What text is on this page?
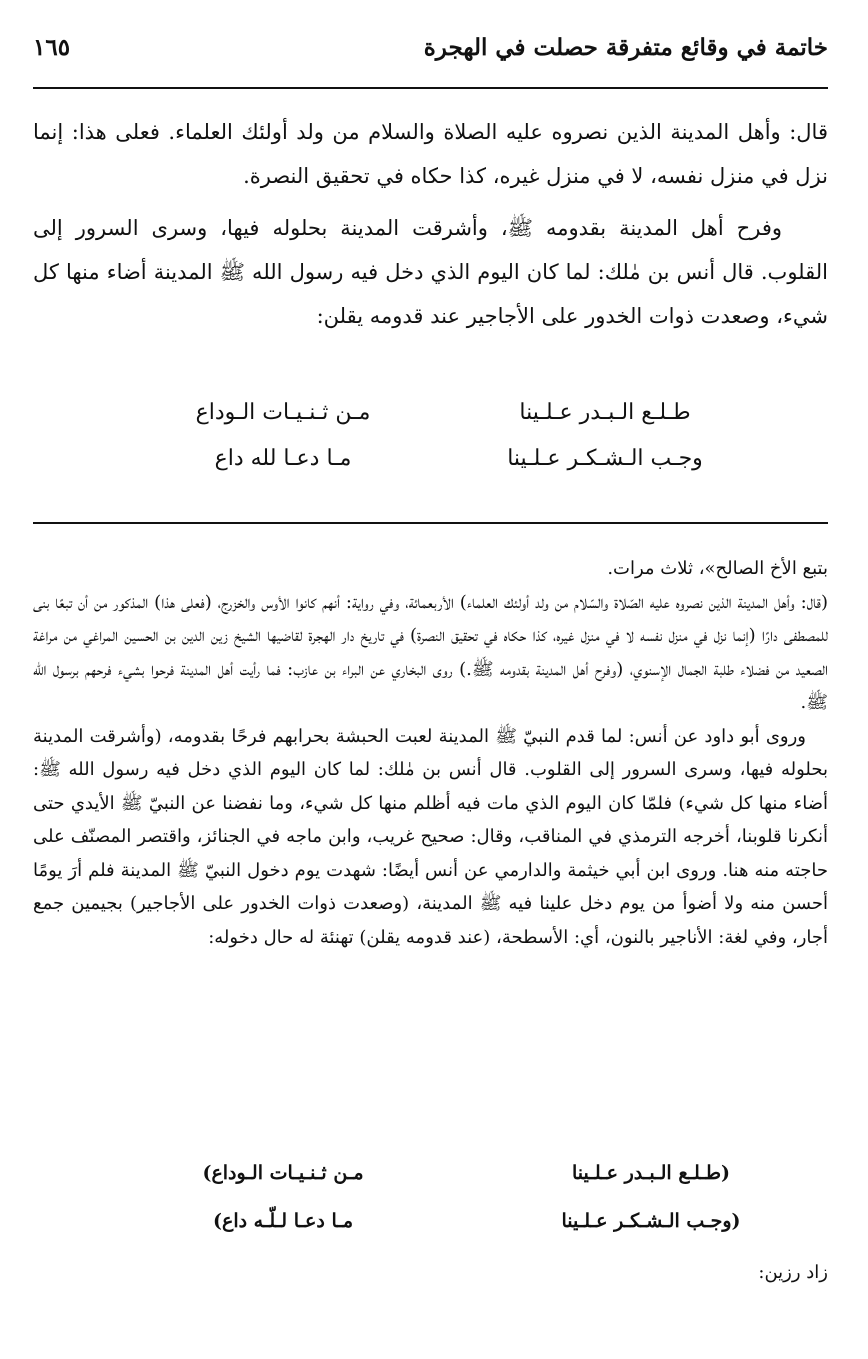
خاتمة في وقائع متفرقة حصلت في الهجرة
١٦٥

قال: وأهل المدينة الذين نصروه عليه الصلاة والسلام من ولد أولئك العلماء. فعلى هذا: إنما نزل في منزل نفسه، لا في منزل غيره، كذا حكاه في تحقيق النصرة.

وفرح أهل المدينة بقدومه ﷺ، وأشرقت المدينة بحلوله فيها، وسرى السرور إلى القلوب. قال أنس بن مٰلك: لما كان اليوم الذي دخل فيه رسول الله ﷺ المدينة أضاء منها كل شيء، وصعدت ذوات الخدور على الأجاجير عند قدومه يقلن:

طـلـع الـبـدر عـلـينا
مـن ثـنـيـات الـوداع
وجـب الـشـكـر عـلـينا
مـا دعـا لله داع

بتبع الأخ الصالح»، ثلاث مرات.

(قال: وأهل المدينة الذين نصروه عليه الصّلاة والسّلام من ولد أولئك العلماء) الأربعمائة، وفي رواية: أنهم كانوا الأوس والخزرج، (فعلى هذا) المذكور من أن تبعًا بنى للمصطفى دارًا (إنما نزل في منزل نفسه لا في منزل غيره، كذا حكاه في تحقيق النصرة) في تاريخ دار الهجرة لقاضيها الشيخ زين الدين بن الحسين المراغي من مراغة الصعيد من فضلاء طلبة الجمال الإسنوي، (وفرح أهل المدينة بقدومه ﷺ.) روى البخاري عن البراء بن عازب: فما رأيت أهل المدينة فرحوا بشيء فرحهم برسول الله ﷺ.

وروى أبو داود عن أنس: لما قدم النبيّ ﷺ المدينة لعبت الحبشة بحرابهم فرحًا بقدومه، (وأشرقت المدينة بحلوله فيها، وسرى السرور إلى القلوب. قال أنس بن مٰلك: لما كان اليوم الذي دخل فيه رسول الله ﷺ: أضاء منها كل شيء) فلمّا كان اليوم الذي مات فيه أظلم منها كل شيء، وما نفضنا عن النبيّ ﷺ الأيدي حتى أنكرنا قلوبنا، أخرجه الترمذي في المناقب، وقال: صحيح غريب، وابن ماجه في الجنائز، واقتصر المصنّف على حاجته منه هنا. وروى ابن أبي خيثمة والدارمي عن أنس أيضًا: شهدت يوم دخول النبيّ ﷺ المدينة فلم أرَ يومًا أحسن منه ولا أضوأ من يوم دخل علينا فيه ﷺ المدينة، (وصعدت ذوات الخدور على الأجاجير) بجيمين جمع أجار، وفي لغة: الأناجير بالنون، أي: الأسطحة، (عند قدومه يقلن) تهنئة له حال دخوله:

(طـلـع الـبـدر عـلـينا
مـن ثـنـيـات الـوداع)
(وجـب الـشـكـر عـلـينا
مـا دعـا لـلّـه داع)
زاد رزين:
